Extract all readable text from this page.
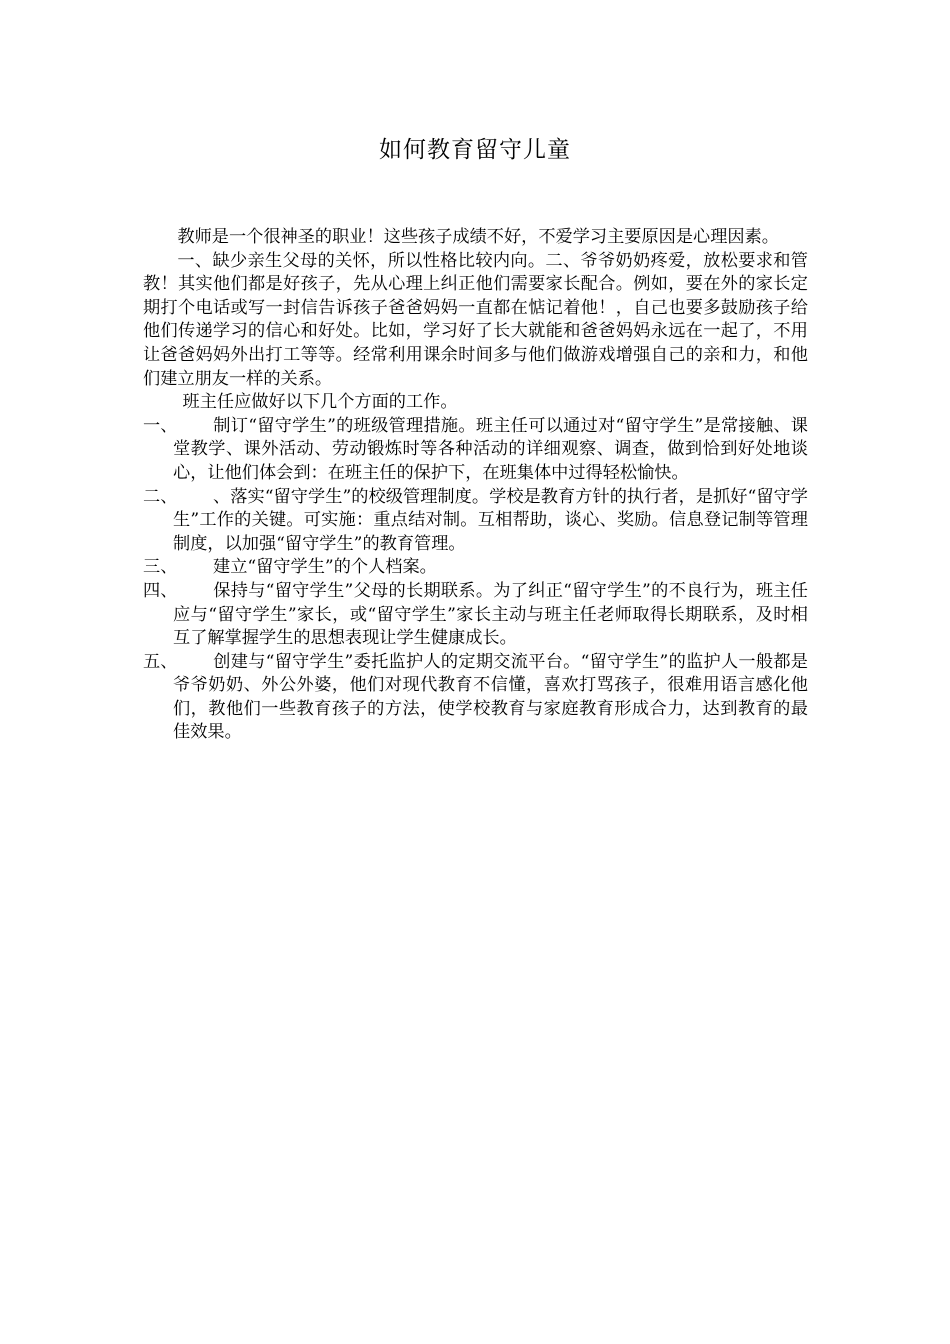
如何教育留守儿童

教师是一个很神圣的职业！这些孩子成绩不好，不爱学习主要原因是心理因素。

一、缺少亲生父母的关怀，所以性格比较内向。二、爷爷奶奶疼爱，放松要求和管教！其实他们都是好孩子，先从心理上纠正他们需要家长配合。例如，要在外的家长定期打个电话或写一封信告诉孩子爸爸妈妈一直都在惦记着他！，自己也要多鼓励孩子给他们传递学习的信心和好处。比如，学习好了长大就能和爸爸妈妈永远在一起了，不用让爸爸妈妈外出打工等等。经常利用课余时间多与他们做游戏增强自己的亲和力，和他们建立朋友一样的关系。

班主任应做好以下几个方面的工作。

一、	制订“留守学生”的班级管理措施。班主任可以通过对“留守学生”是常接触、课堂教学、课外活动、劳动锻炼时等各种活动的详细观察、调查，做到恰到好处地谈心，让他们体会到：在班主任的保护下，在班集体中过得轻松愉快。
二、	、落实“留守学生”的校级管理制度。学校是教育方针的执行者，是抓好“留守学生”工作的关键。可实施：重点结对制。互相帮助，谈心、奖励。信息登记制等管理制度，以加强“留守学生”的教育管理。
三、	建立“留守学生”的个人档案。
四、	保持与“留守学生”父母的长期联系。为了纠正“留守学生”的不良行为，班主任应与“留守学生”家长，或“留守学生”家长主动与班主任老师取得长期联系，及时相互了解掌握学生的思想表现让学生健康成长。
五、	创建与“留守学生”委托监护人的定期交流平台。“留守学生”的监护人一般都是爷爷奶奶、外公外婆，他们对现代教育不信懂，喜欢打骂孩子，很难用语言感化他们，教他们一些教育孩子的方法，使学校教育与家庭教育形成合力，达到教育的最佳效果。
